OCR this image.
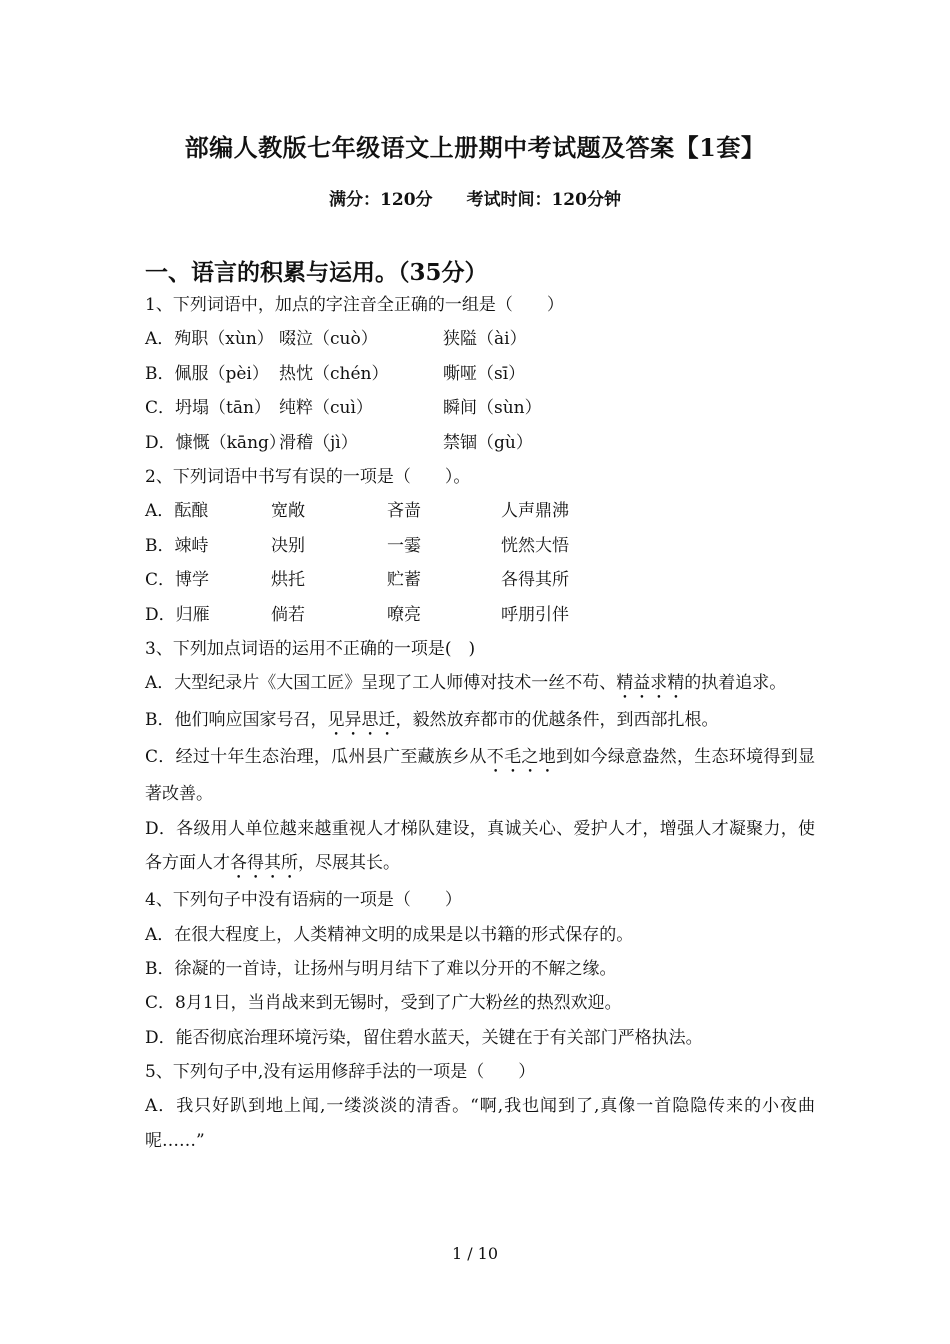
部编人教版七年级语文上册期中考试题及答案【1套】
满分：120分 考试时间：120分钟
一、语言的积累与运用。（35分）
1、下列词语中，加点的字注音全正确的一组是（　　）
A．殉职（xùn） 啜泣（cuò）	狭隘（ài）
B．佩服（pèi） 热忱（chén）	嘶哑（sī）
C．坍塌（tān） 纯粹（cuì）	瞬间（sùn）
D．慷慨（kāng）滑稽（jì）	禁锢（gù）
2、下列词语中书写有误的一项是（　　）。
A．酝酿	宽敞	吝啬	人声鼎沸
B．竦峙	决别	一霎	恍然大悟
C．博学	烘托	贮蓄	各得其所
D．归雁	倘若	嘹亮	呼朋引伴
3、下列加点词语的运用不正确的一项是(　)
A．大型纪录片《大国工匠》呈现了工人师傅对技术一丝不苟、精益求精的执着追求。
B．他们响应国家号召，见异思迁，毅然放弃都市的优越条件，到西部扎根。
C．经过十年生态治理，瓜州县广至藏族乡从不毛之地到如今绿意盎然，生态环境得到显著改善。
D．各级用人单位越来越重视人才梯队建设，真诚关心、爱护人才，增强人才凝聚力，使各方面人才各得其所，尽展其长。
4、下列句子中没有语病的一项是（　　）
A．在很大程度上，人类精神文明的成果是以书籍的形式保存的。
B．徐凝的一首诗，让扬州与明月结下了难以分开的不解之缘。
C．8月1日，当肖战来到无锡时，受到了广大粉丝的热烈欢迎。
D．能否彻底治理环境污染，留住碧水蓝天，关键在于有关部门严格执法。
5、下列句子中,没有运用修辞手法的一项是（　　）
A．我只好趴到地上闻,一缕淡淡的清香。“啊,我也闻到了,真像一首隐隐传来的小夜曲呢……”
1 / 10
